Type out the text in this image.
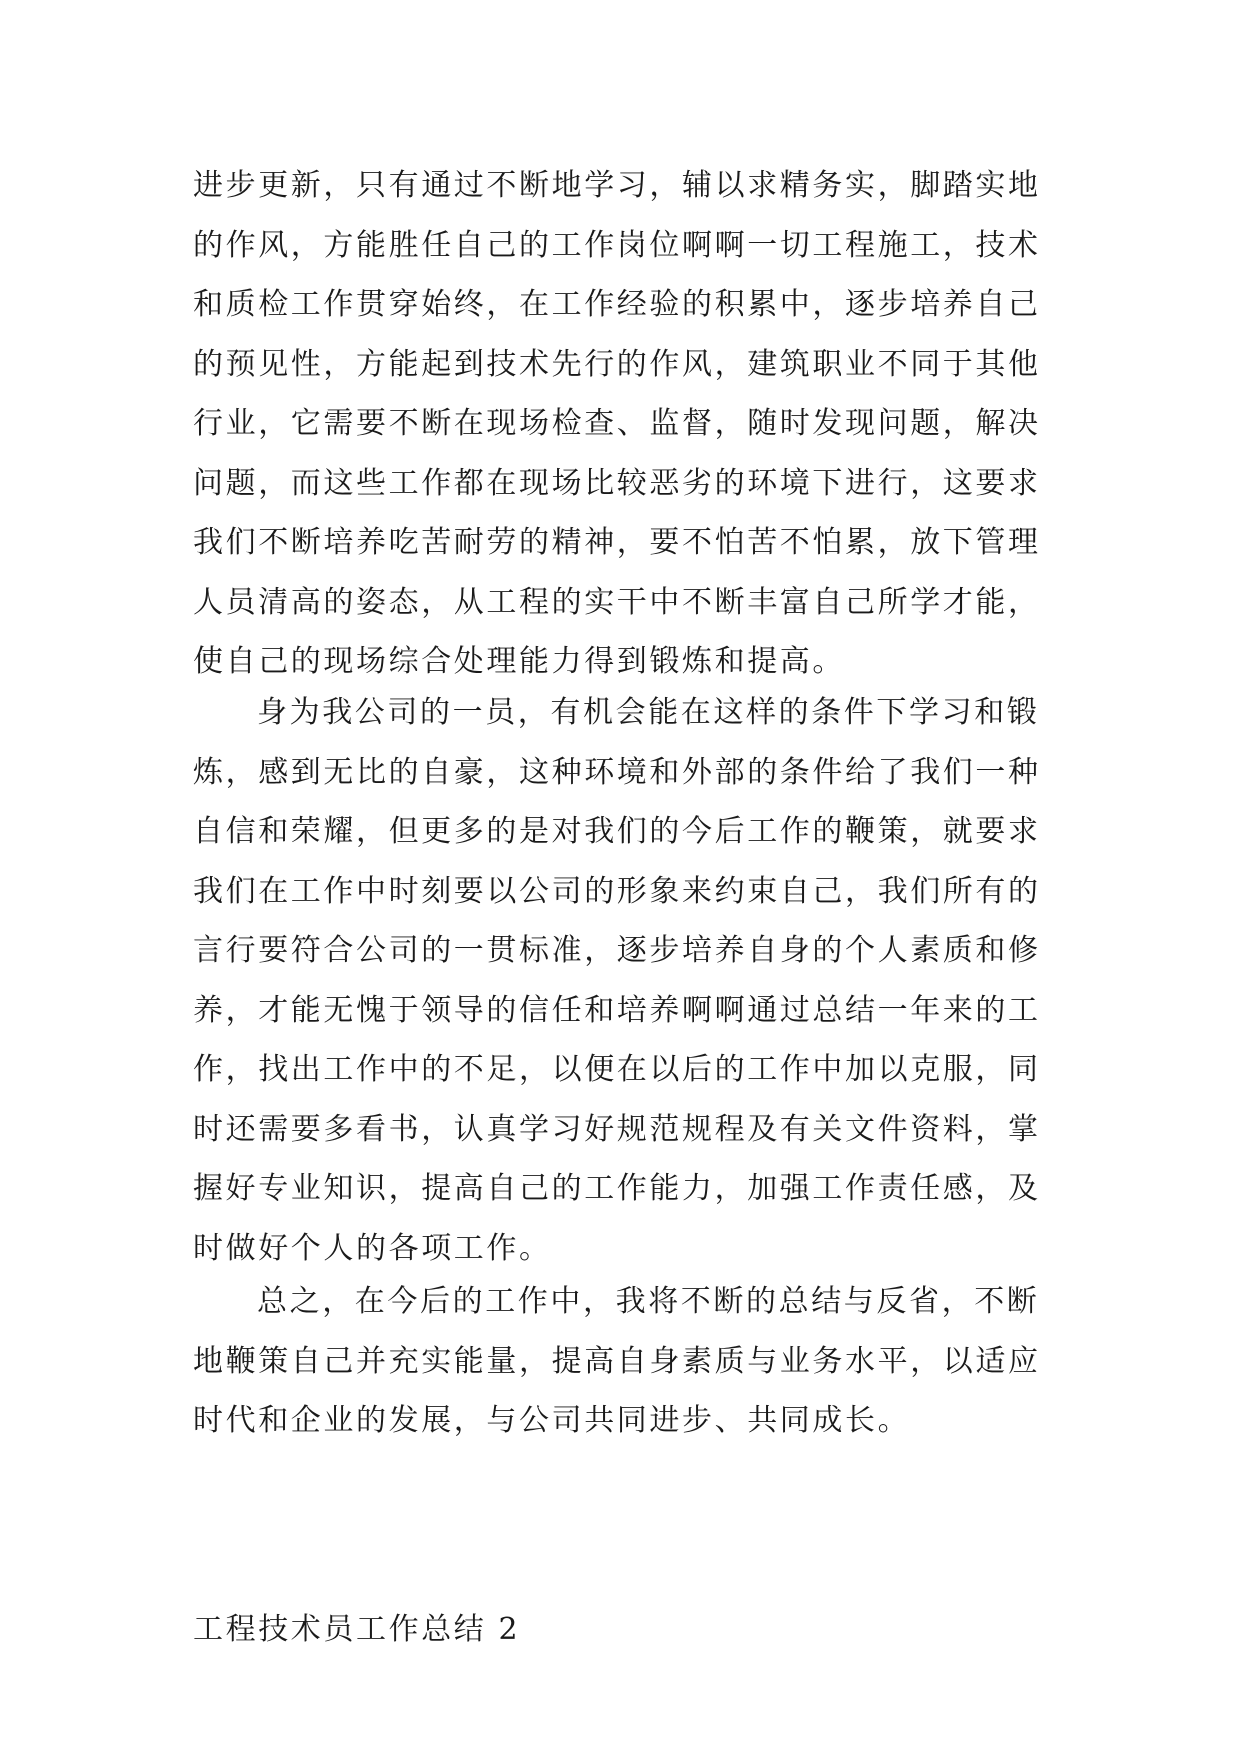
进步更新，只有通过不断地学习，辅以求精务实，脚踏实地
的作风，方能胜任自己的工作岗位啊啊一切工程施工，技术
和质检工作贯穿始终，在工作经验的积累中，逐步培养自己
的预见性，方能起到技术先行的作风，建筑职业不同于其他
行业，它需要不断在现场检查、监督，随时发现问题，解决
问题，而这些工作都在现场比较恶劣的环境下进行，这要求
我们不断培养吃苦耐劳的精神，要不怕苦不怕累，放下管理
人员清高的姿态，从工程的实干中不断丰富自己所学才能，
使自己的现场综合处理能力得到锻炼和提高。
身为我公司的一员，有机会能在这样的条件下学习和锻
炼，感到无比的自豪，这种环境和外部的条件给了我们一种
自信和荣耀，但更多的是对我们的今后工作的鞭策，就要求
我们在工作中时刻要以公司的形象来约束自己，我们所有的
言行要符合公司的一贯标准，逐步培养自身的个人素质和修
养，才能无愧于领导的信任和培养啊啊通过总结一年来的工
作，找出工作中的不足，以便在以后的工作中加以克服，同
时还需要多看书，认真学习好规范规程及有关文件资料，掌
握好专业知识，提高自己的工作能力，加强工作责任感，及
时做好个人的各项工作。
总之，在今后的工作中，我将不断的总结与反省，不断
地鞭策自己并充实能量，提高自身素质与业务水平，以适应
时代和企业的发展，与公司共同进步、共同成长。
工程技术员工作总结 2
